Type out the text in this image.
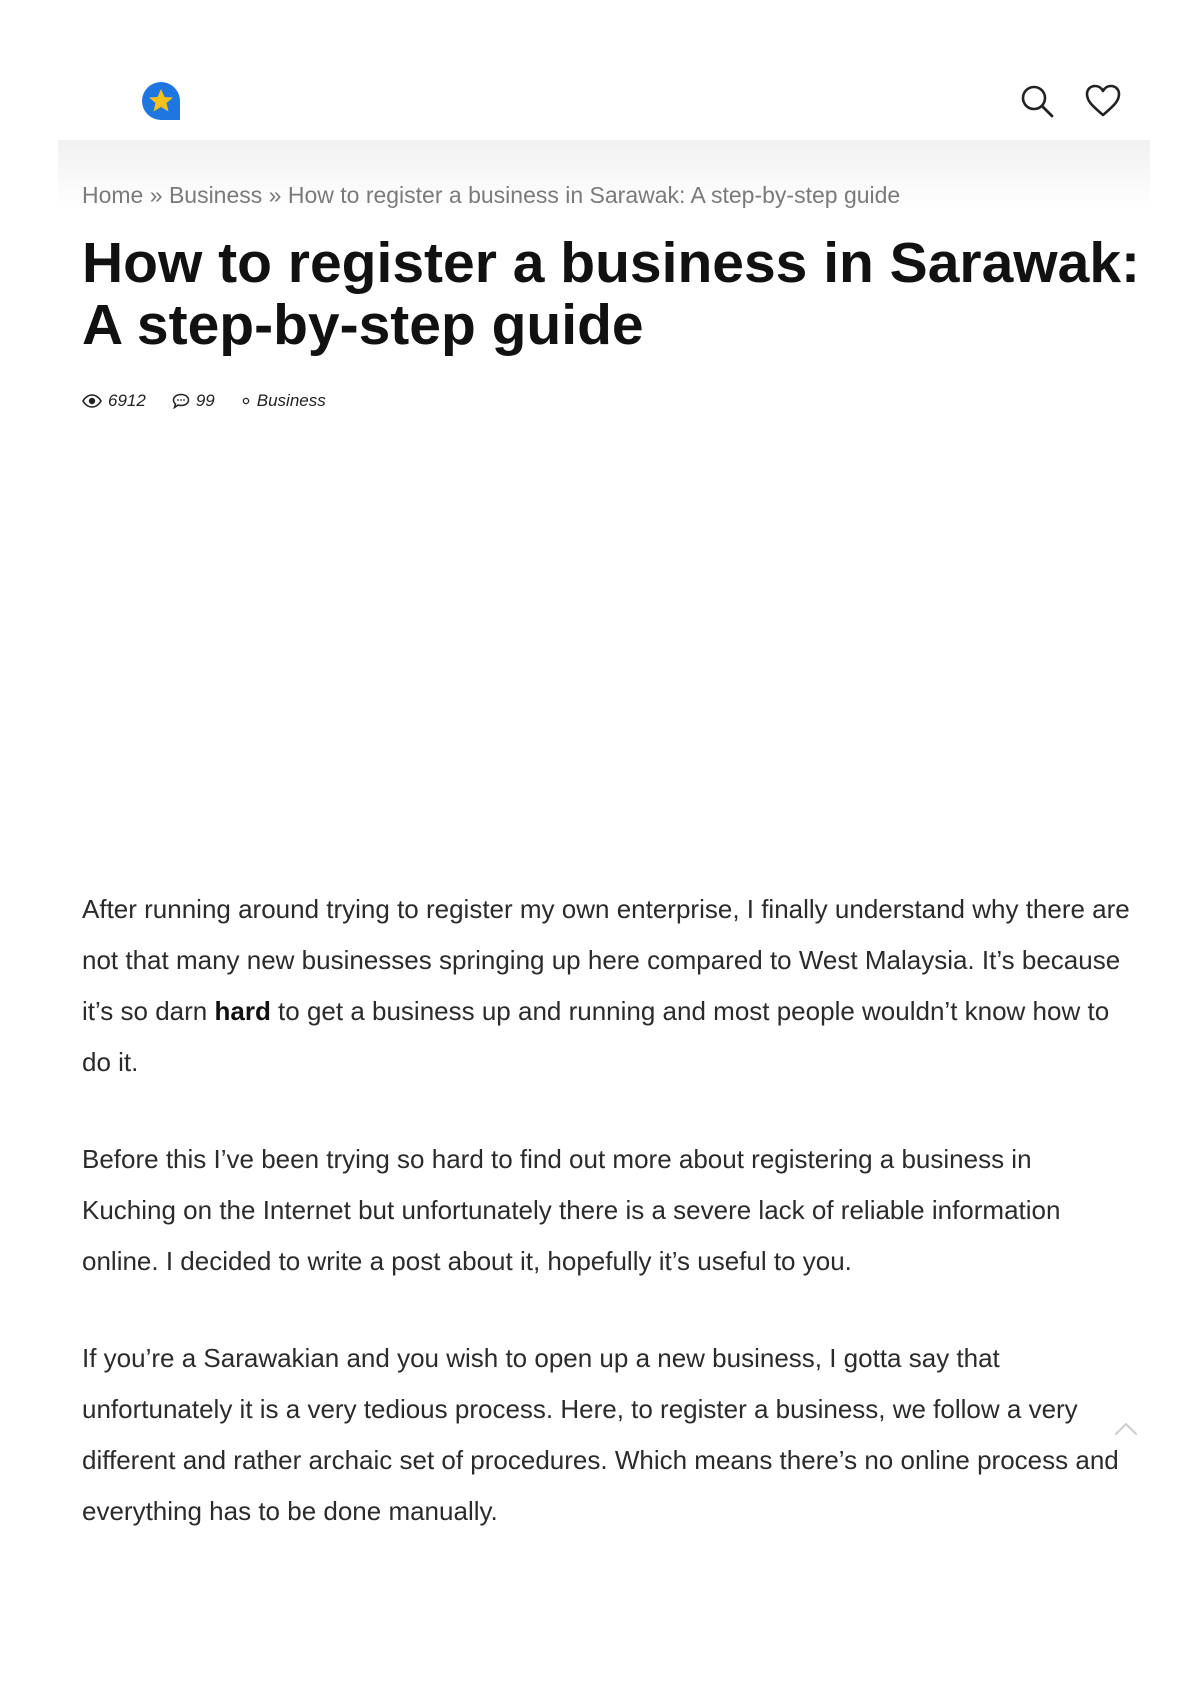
Home » Business » How to register a business in Sarawak: A step-by-step guide
How to register a business in Sarawak: A step-by-step guide
6912	99 Business

After running around trying to register my own enterprise, I finally understand why there are not that many new businesses springing up here compared to West Malaysia. It’s because it’s so darn hard to get a business up and running and most people wouldn’t know how to do it.

Before this I’ve been trying so hard to find out more about registering a business in Kuching on the Internet but unfortunately there is a severe lack of reliable information online. I decided to write a post about it, hopefully it’s useful to you.

If you’re a Sarawakian and you wish to open up a new business, I gotta say that unfortunately it is a very tedious process. Here, to register a business, we follow a very different and rather archaic set of procedures. Which means there’s no online process and everything has to be done manually.
